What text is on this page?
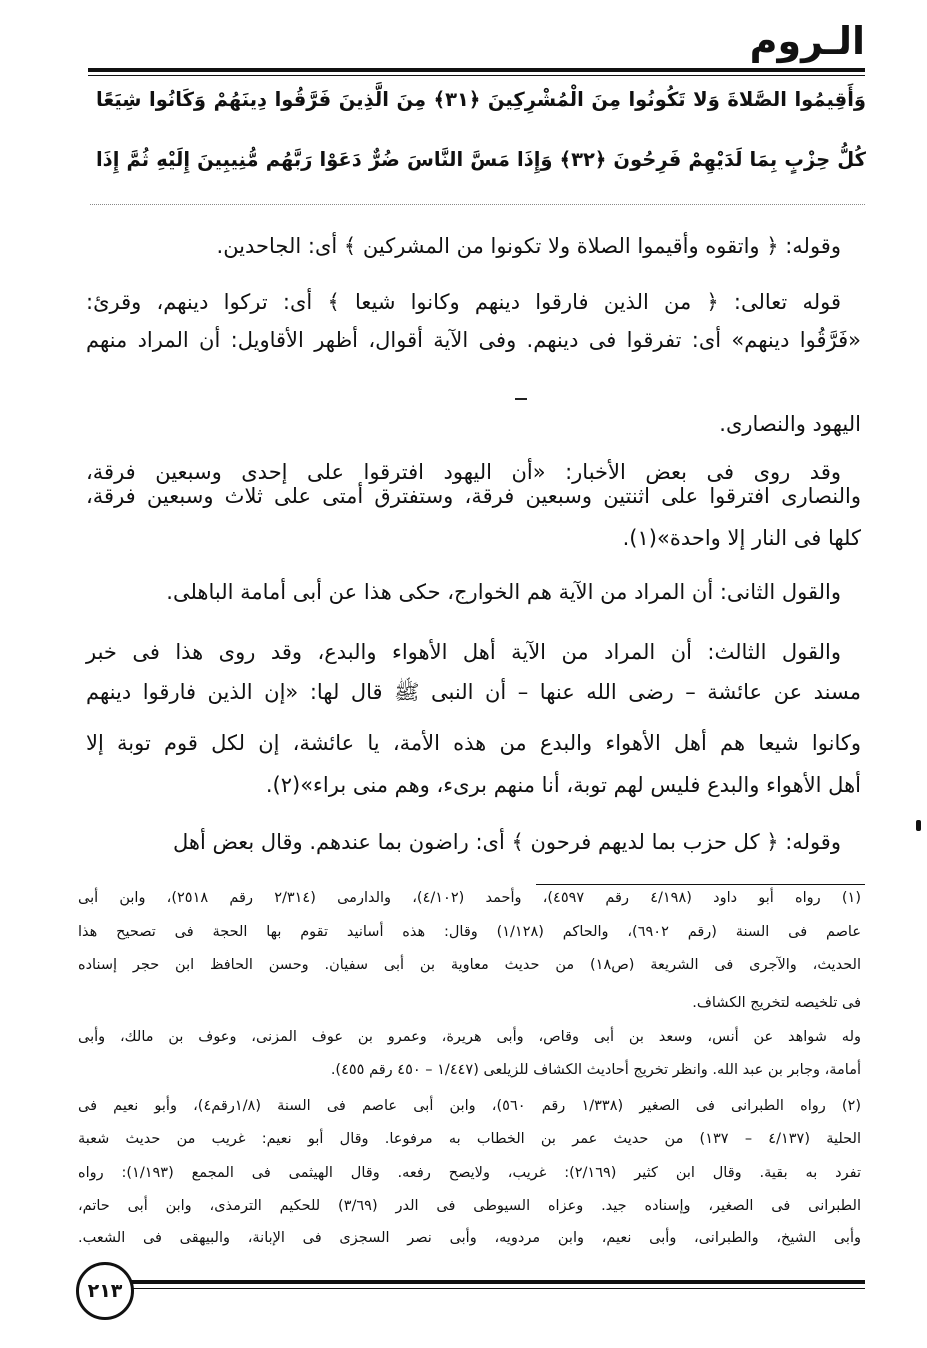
الـروم
وَأَقِيمُوا الصَّلاةَ وَلا تَكُونُوا مِنَ الْمُشْرِكِينَ ﴿٣١﴾ مِنَ الَّذِينَ فَرَّقُوا دِينَهُمْ وَكَانُوا شِيَعًا
كُلُّ حِزْبٍ بِمَا لَدَيْهِمْ فَرِحُونَ ﴿٣٢﴾ وَإِذَا مَسَّ النَّاسَ ضُرٌّ دَعَوْا رَبَّهُم مُّنِيبِينَ إِلَيْهِ ثُمَّ إِذَا
وقوله: ﴿ واتقوه وأقيموا الصلاة ولا تكونوا من المشركين ﴾ أى: الجاحدين.
قوله تعالى: ﴿ من الذين فارقوا دينهم وكانوا شيعا ﴾ أى: تركوا دينهم، وقرئ:
«فَرَّقُوا دينهم» أى: تفرقوا فى دينهم. وفى الآية أقوال، أظهر الأقاويل: أن المراد منهم
اليهود والنصارى.
وقد روى فى بعض الأخبار: «أن اليهود افترقوا على إحدى وسبعين فرقة،
والنصارى افترقوا على اثنتين وسبعين فرقة، وستفترق أمتى على ثلاث وسبعين فرقة،
كلها فى النار إلا واحدة»(١).
والقول الثانى: أن المراد من الآية هم الخوارج، حكى هذا عن أبى أمامة الباهلى.
والقول الثالث: أن المراد من الآية أهل الأهواء والبدع، وقد روى هذا فى خبر
مسند عن عائشة – رضى الله عنها – أن النبى ﷺ قال لها: «إن الذين فارقوا دينهم
وكانوا شيعا هم أهل الأهواء والبدع من هذه الأمة، يا عائشة، إن لكل قوم توبة إلا
أهل الأهواء والبدع فليس لهم توبة، أنا منهم برىء، وهم منى براء»(٢).
وقوله: ﴿ كل حزب بما لديهم فرحون ﴾ أى: راضون بما عندهم. وقال بعض أهل
(١) رواه أبو داود (٤/١٩٨ رقم ٤٥٩٧)، وأحمد (٤/١٠٢)، والدارمى (٢/٣١٤ رقم ٢٥١٨)، وابن أبى
عاصم فى السنة (رقم ٦٩٠٢)، والحاكم (١/١٢٨) وقال: هذه أسانيد تقوم بها الحجة فى تصحيح هذا
الحديث، والآجرى فى الشريعة (ص١٨) من حديث معاوية بن أبى سفيان. وحسن الحافظ ابن حجر إسناده
فى تلخيصه لتخريج الكشاف.
وله شواهد عن أنس، وسعد بن أبى وقاص، وأبى هريرة، وعمرو بن عوف المزنى، وعوف بن مالك، وأبى
أمامة، وجابر بن عبد الله. وانظر تخريج أحاديث الكشاف للزيلعى (١/٤٤٧ – ٤٥٠ رقم ٤٥٥).
(٢) رواه الطبرانى فى الصغير (١/٣٣٨ رقم ٥٦٠)، وابن أبى عاصم فى السنة (١/٨رقم٤)، وأبو نعيم فى
الحلية (٤/١٣٧ – ١٣٧) من حديث عمر بن الخطاب به مرفوعا. وقال أبو نعيم: غريب من حديث شعبة
تفرد به بقية. وقال ابن كثير (٢/١٦٩): غريب، ولايصح رفعه. وقال الهيثمى فى المجمع (١/١٩٣): رواه
الطبرانى فى الصغير، وإسناده جيد. وعزاه السيوطى فى الدر (٣/٦٩) للحكيم الترمذى، وابن أبى حاتم،
وأبى الشيخ، والطبرانى، وأبى نعيم، وابن مردويه، وأبى نصر السجزى فى الإبانة، والبيهقى فى الشعب.
٢١٣
